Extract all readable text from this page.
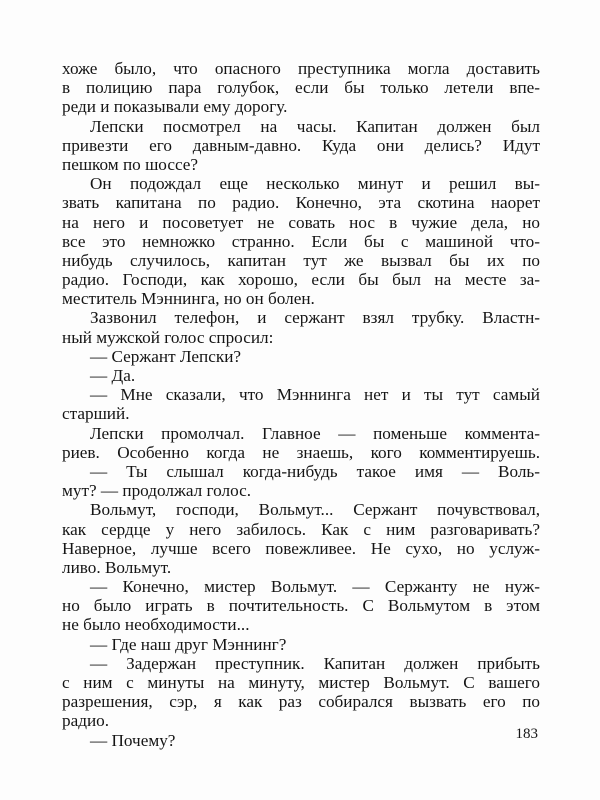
хоже было, что опасного преступника могла доставить
в полицию пара голубок, если бы только летели впе-
реди и показывали ему дорогу.
Лепски посмотрел на часы. Капитан должен был
привезти его давным-давно. Куда они делись? Идут
пешком по шоссе?
Он подождал еще несколько минут и решил вы-
звать капитана по радио. Конечно, эта скотина наорет
на него и посоветует не совать нос в чужие дела, но
все это немножко странно. Если бы с машиной что-
нибудь случилось, капитан тут же вызвал бы их по
радио. Господи, как хорошо, если бы был на месте за-
меститель Мэннинга, но он болен.
Зазвонил телефон, и сержант взял трубку. Властн-
ный мужской голос спросил:
— Сержант Лепски?
— Да.
— Мне сказали, что Мэннинга нет и ты тут самый
старший.
Лепски промолчал. Главное — поменьше коммента-
риев. Особенно когда не знаешь, кого комментируешь.
— Ты слышал когда-нибудь такое имя — Воль-
мут? — продолжал голос.
Вольмут, господи, Вольмут... Сержант почувствовал,
как сердце у него забилось. Как с ним разговаривать?
Наверное, лучше всего повежливее. Не сухо, но услуж-
ливо. Вольмут.
— Конечно, мистер Вольмут. — Сержанту не нуж-
но было играть в почтительность. С Вольмутом в этом
не было необходимости...
— Где наш друг Мэннинг?
— Задержан преступник. Капитан должен прибыть
с ним с минуты на минуту, мистер Вольмут. С вашего
разрешения, сэр, я как раз собирался вызвать его по
радио.
— Почему?	183
